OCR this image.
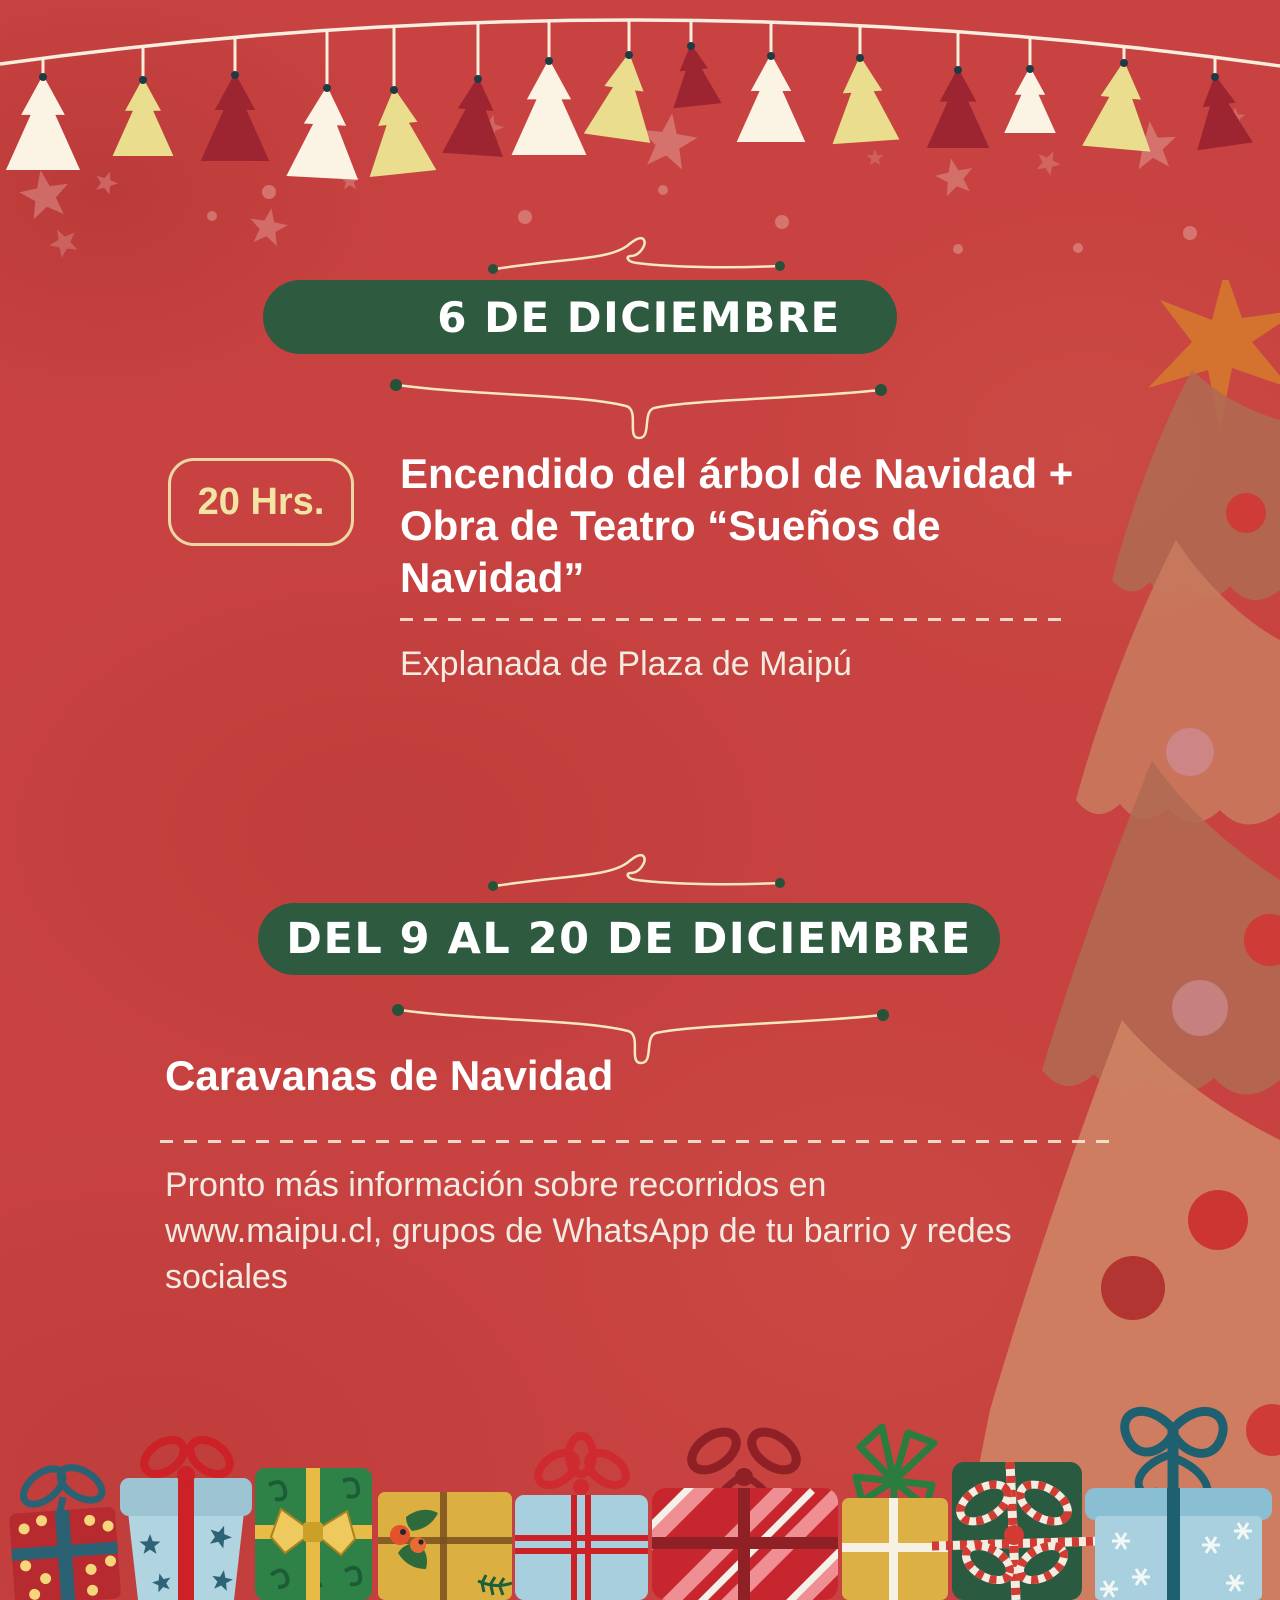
6 DE DICIEMBRE
20 Hrs.
Encendido del árbol de Navidad + Obra de Teatro “Sueños de Navidad”
Explanada de Plaza de Maipú
DEL 9 AL 20 DE DICIEMBRE
Caravanas de Navidad
Pronto más información sobre recorridos en www.maipu.cl, grupos de WhatsApp de tu barrio y redes sociales
